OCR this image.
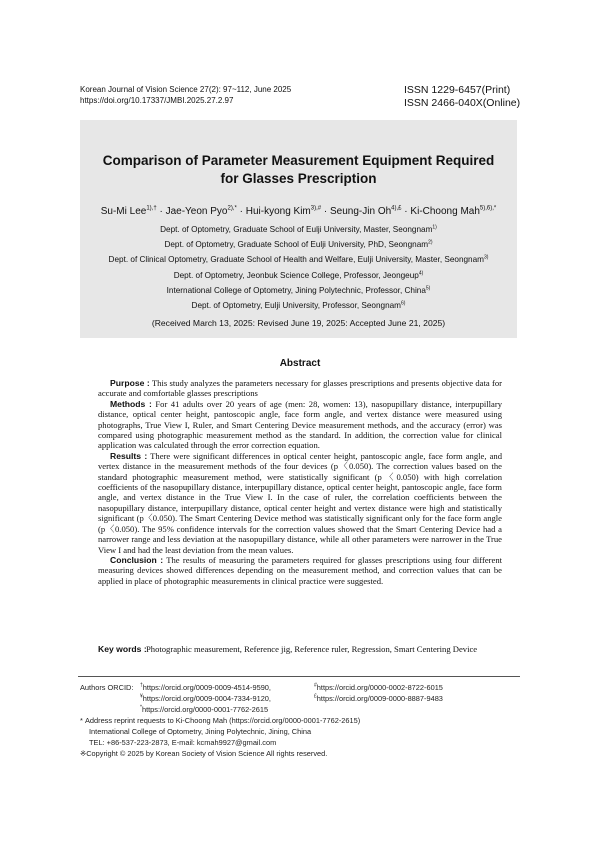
Korean Journal of Vision Science 27(2): 97~112, June 2025
https://doi.org/10.17337/JMBI.2025.27.2.97
ISSN 1229-6457(Print)
ISSN 2466-040X(Online)
Comparison of Parameter Measurement Equipment Required
for Glasses Prescription
Su-Mi Lee$^{1),\dagger}$ · Jae-Yeon Pyo$^{2),*}$ · Hui-kyong Kim$^{3),\#}$ · Seung-Jin $Oh^{4),£}$ · Ki-Choong Mah$^{5),6),*}$
Dept. of Optometry, Graduate School of Eulji University, Master, Seongnam$^{1)}$
Dept. of Optometry, Graduate School of Eulji University, PhD, Seongnam$^{2)}$
Dept. of Clinical Optometry, Graduate School of Health and Welfare, Eulji University, Master, Seongnam$^{3)}$
Dept. of Optometry, Jeonbuk Science College, Professor, Jeongeup$^{4)}$
International College of Optometry, Jining Polytechnic, Professor, China$^{5)}$
Dept. of Optometry, Eulji University, Professor, Seongnam$^{6)}$
(Received March 13, 2025: Revised June 19, 2025: Accepted June 21, 2025)
Abstract

Purpose : This study analyzes the parameters necessary for glasses prescriptions and presents objective data for accurate and comfortable glasses prescriptions

Methods : For 41 adults over 20 years of age (men: 28, women: 13), nasopupillary distance, interpupillary distance, optical center height, pantoscopic angle, face form angle, and vertex distance were measured using photographs, True View I, Ruler, and Smart Centering Device measurement methods, and the accuracy (error) was compared using photographic measurement method as the standard. In addition, the correction value for clinical application was calculated through the error correction equation.

Results : There were significant differences in optical center height, pantoscopic angle, face form angle, and vertex distance in the measurement methods of the four devices (p〈0.050). The correction values based on the standard photographic measurement method, were statistically significant (p〈0.050) with high correlation coefficients of the nasopupillary distance, interpupillary distance, optical center height, pantoscopic angle, face form angle, and vertex distance in the True View I. In the case of ruler, the correlation coefficients between the nasopupillary distance, interpupillary distance, optical center height and vertex distance were high and statistically significant (p〈0.050). The Smart Centering Device method was statistically significant only for the face form angle (p〈0.050). The 95% confidence intervals for the correction values showed that the Smart Centering Device had a narrower range and less deviation at the nasopupillary distance, while all other parameters were narrower in the True View I and had the least deviation from the mean values.

Conclusion : The results of measuring the parameters required for glasses prescriptions using four different measuring devices showed differences depending on the measurement method, and correction values that can be applied in place of photographic measurements in clinical practice were suggested.

Key words : Photographic measurement, Reference jig, Reference ruler, Regression, Smart Centering Device
Authors ORCID: †https://orcid.org/0009-0009-4514-9590,	#https://orcid.org/0000-0002-8722-6015
¥https://orcid.org/0009-0004-7334-9120,	£https://orcid.org/0009-0000-8887-9483
*https://orcid.org/0000-0001-7762-2615
* Address reprint requests to Ki-Choong Mah (https://orcid.org/0000-0001-7762-2615)
International College of Optometry, Jining Polytechnic, Jining, China
TEL: +86-537-223-2873, E-mail: kcmah9927@gmail.com
※Copyright © 2025 by Korean Society of Vision Science All rights reserved.
